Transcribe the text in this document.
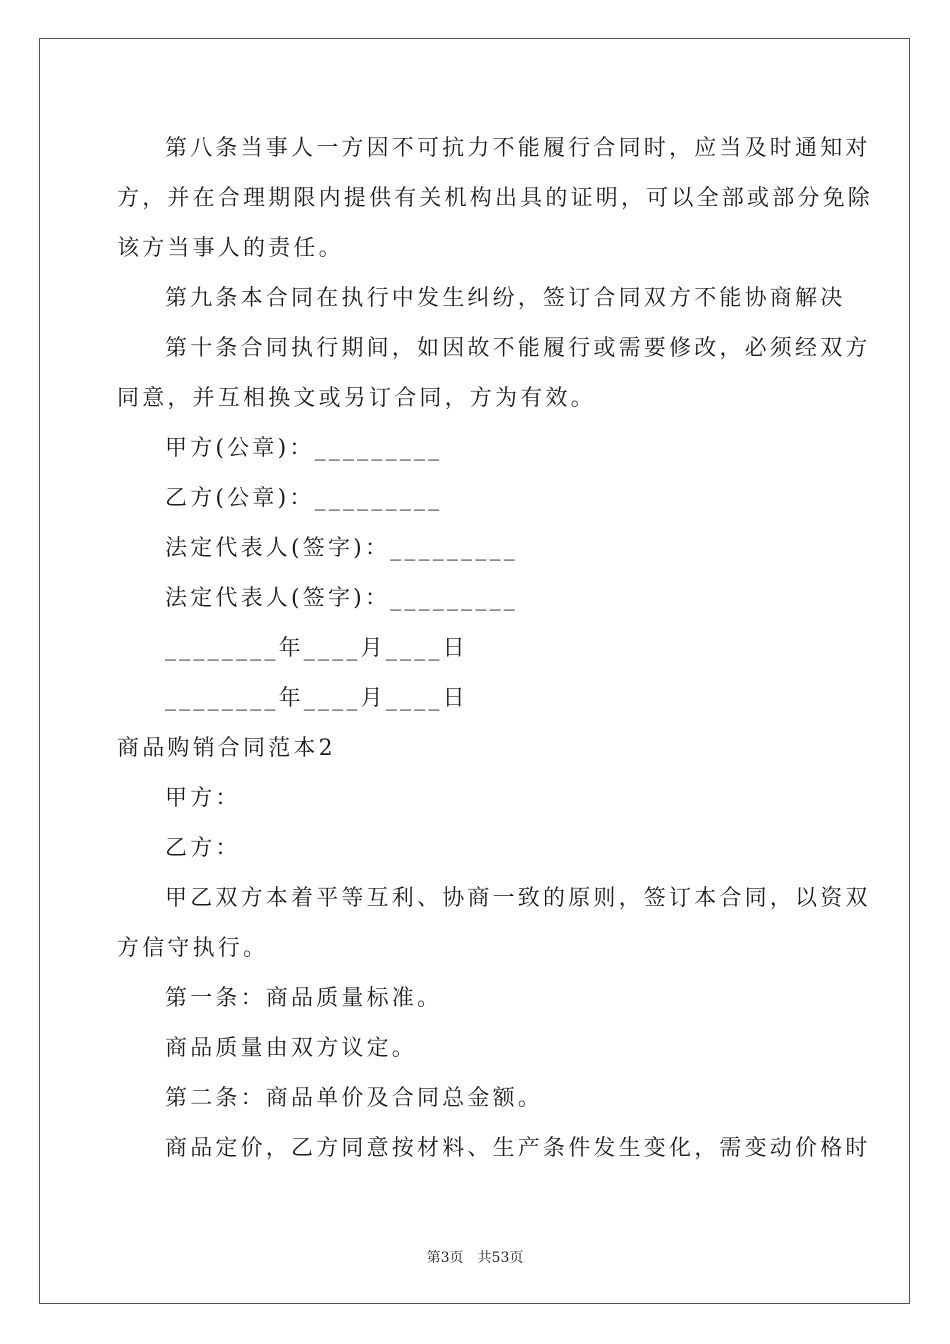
第八条当事人一方因不可抗力不能履行合同时，应当及时通知对

方，并在合理期限内提供有关机构出具的证明，可以全部或部分免除

该方当事人的责任。

第九条本合同在执行中发生纠纷，签订合同双方不能协商解决

第十条合同执行期间，如因故不能履行或需要修改，必须经双方

同意，并互相换文或另订合同，方为有效。

甲方(公章)：_________

乙方(公章)：_________

法定代表人(签字)：_________

法定代表人(签字)：_________

________年____月____日

________年____月____日

商品购销合同范本2

甲方：

乙方：

甲乙双方本着平等互利、协商一致的原则，签订本合同，以资双

方信守执行。

第一条：商品质量标准。

商品质量由双方议定。

第二条：商品单价及合同总金额。

商品定价，乙方同意按材料、生产条件发生变化，需变动价格时

第3页 共53页
